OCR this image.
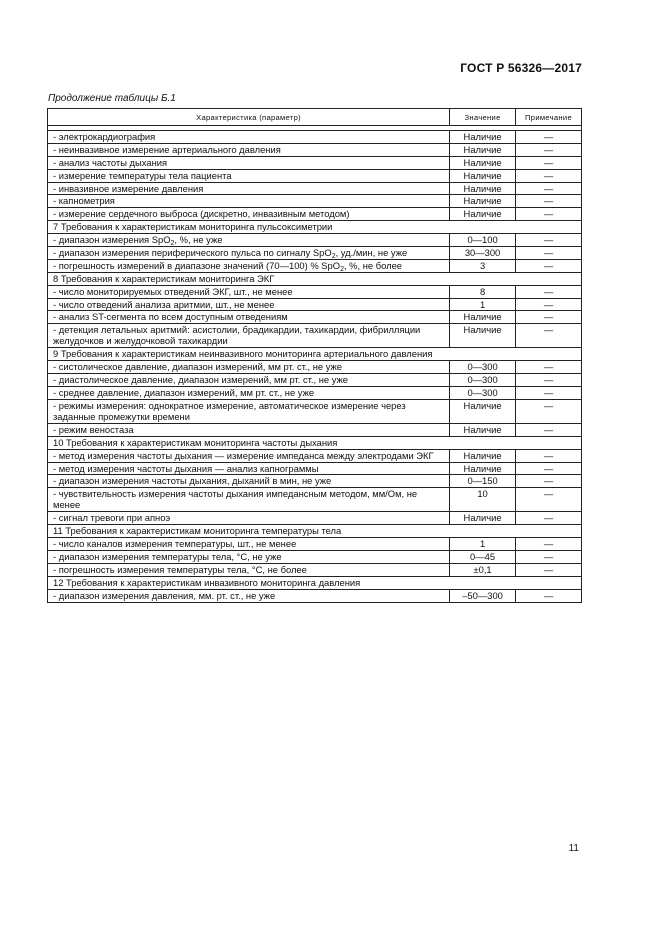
ГОСТ Р 56326—2017
Продолжение таблицы Б.1
Характеристика (параметр)	Значение	Примечание

- электрокардиография	Наличие	—
- неинвазивное измерение артериального давления	Наличие	—
- анализ частоты дыхания	Наличие	—
- измерение температуры тела пациента	Наличие	—
- инвазивное измерение давления	Наличие	—
- капнометрия	Наличие	—
- измерение сердечного выброса (дискретно, инвазивным методом)	Наличие	—
7 Требования к характеристикам мониторинга пульсоксиметрии		
- диапазон измерения SpO$_2$, %, не уже	0—100	—
- диапазон измерения периферического пульса по сигналу SpO$_2$, уд./мин, не уже	30—300	—
- погрешность измерений в диапазоне значений (70—100) % SpO$_2$, %, не более	3	—
8 Требования к характеристикам мониторинга ЭКГ		
- число мониторируемых отведений ЭКГ, шт., не менее	8	—
- число отведений анализа аритмии, шт., не менее	1	—
- анализ ST-сегмента по всем доступным отведениям	Наличие	—
- детекция летальных аритмий: асистолии, брадикардии, тахикардии, фибрилляции желудочков и желудочковой тахикардии	Наличие	—
9 Требования к характеристикам неинвазивного мониторинга артериального давления		
- систолическое давление, диапазон измерений, мм рт. ст., не уже	0—300	—
- диастолическое давление, диапазон измерений, мм рт. ст., не уже	0—300	—
- среднее давление, диапазон измерений, мм рт. ст., не уже	0—300	—
- режимы измерения: однократное измерение, автоматическое измерение через заданные промежутки времени	Наличие	—
- режим веностаза	Наличие	—
10 Требования к характеристикам мониторинга частоты дыхания		
- метод измерения частоты дыхания — измерение импеданса между электродами ЭКГ	Наличие	—
- метод измерения частоты дыхания — анализ капнограммы	Наличие	—
- диапазон измерения частоты дыхания, дыханий в мин, не уже	0—150	—
- чувствительность измерения частоты дыхания импедансным методом, мм/Ом, не менее	10	—
- сигнал тревоги при апноэ	Наличие	—
11 Требования к характеристикам мониторинга температуры тела		
- число каналов измерения температуры, шт., не менее	1	—
- диапазон измерения температуры тела, °С, не уже	0—45	—
- погрешность измерения температуры тела, °С, не более	±0,1	—
12 Требования к характеристикам инвазивного мониторинга давления		
- диапазон измерения давления, мм. рт. ст., не уже	–50—300	—
11
